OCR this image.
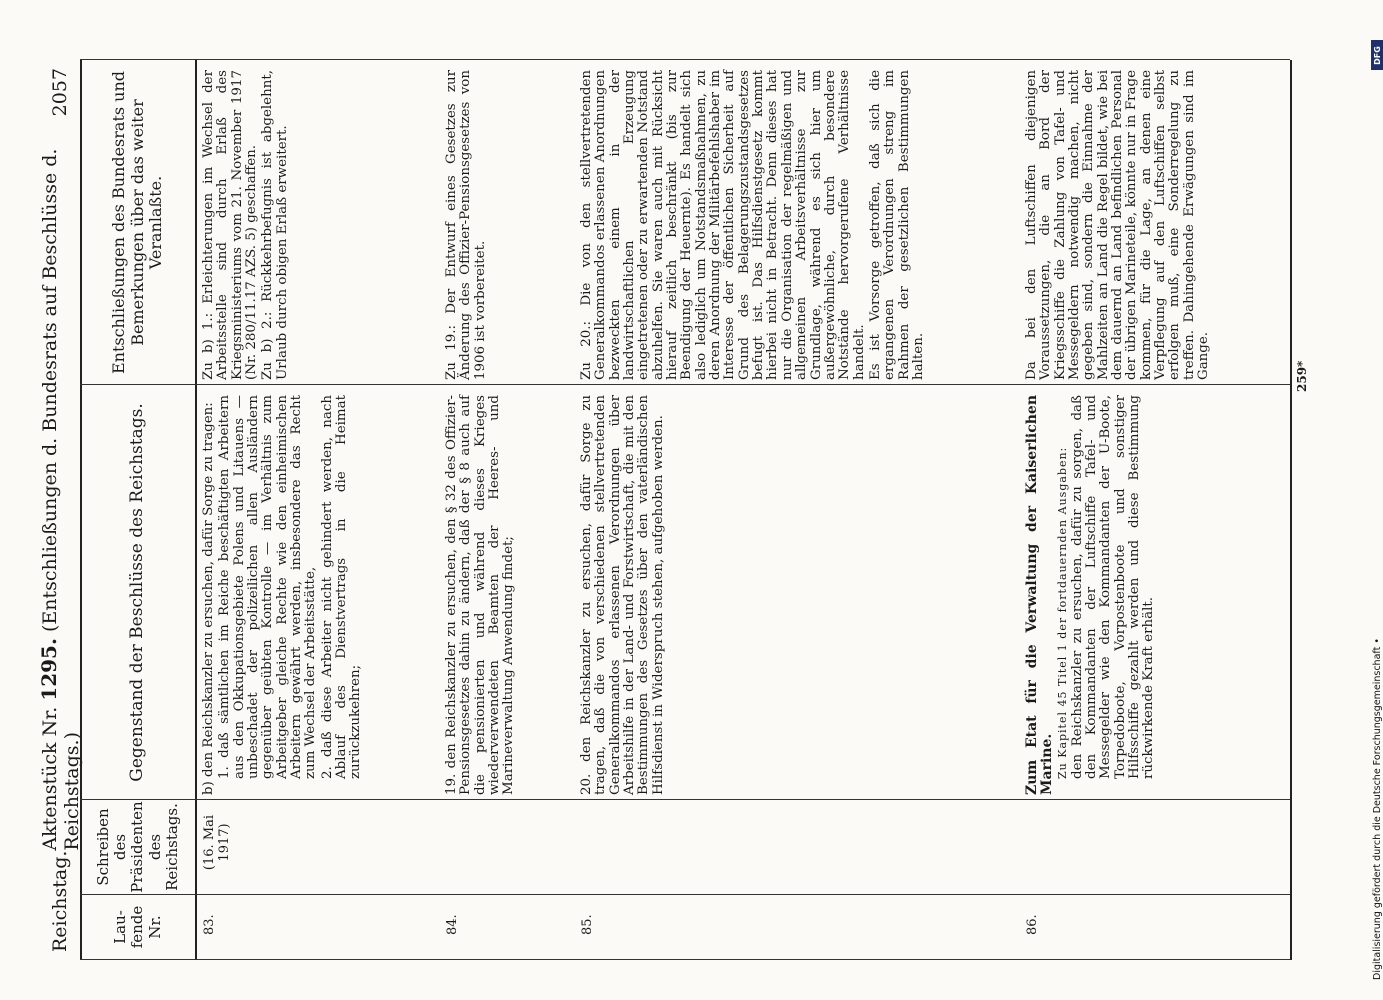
Reichstag.
Aktenstück Nr. 1295. (Entschließungen d. Bundesrats auf Beschlüsse d. Reichstags.)
2057
Lau-fende Nr.
Schreiben des Präsidenten des Reichstags.
Gegenstand der Beschlüsse des Reichstags.
Entschließungen des Bundesrats und Bemerkungen über das weiter Veranlaßte.
83.
(16. Mai 1917)

b) den Reichskanzler zu ersuchen, dafür Sorge zu tragen: 1. daß sämtlichen im Reiche beschäftigten Arbeitern aus den Okkupationsgebiete Polens und Litauens — unbeschadet der polizeilichen allen Ausländern gegenüber geübten Kontrolle — im Verhältnis zum Arbeitgeber gleiche Rechte wie den einheimischen Arbeitern gewährt werden, insbesondere das Recht zum Wechsel der Arbeitsstätte, 2. daß diese Arbeiter nicht gehindert werden, nach Ablauf des Dienstvertrags in die Heimat zurückzukehren;

Zu b) 1.: Erleichterungen im Wechsel der Arbeitsstelle sind durch Erlaß des Kriegsministeriums vom 21. November 1917 (Nr. 280/11.17 AZS. 5) geschaffen. Zu b) 2.: Rückkehrbefugnis ist abgelehnt, Urlaub durch obigen Erlaß erweitert.

84.
19. den Reichskanzler zu ersuchen, den § 32 des Offizier-Pensionsgesetzes dahin zu ändern, daß der § 8 auch auf die pensionierten und während dieses Krieges wiederverwendeten Beamten der Heeres- und Marineverwaltung Anwendung findet;
Zu 19.: Der Entwurf eines Gesetzes zur Änderung des Offizier-Pensionsgesetzes von 1906 ist vorbereitet.
85.
20. den Reichskanzler zu ersuchen, dafür Sorge zu tragen, daß die von verschiedenen stellvertretenden Generalkommandos erlassenen Verordnungen über Arbeitshilfe in der Land- und Forstwirtschaft, die mit den Bestimmungen des Gesetzes über den vaterländischen Hilfsdienst in Widerspruch stehen, aufgehoben werden.

Zu 20.: Die von den stellvertretenden Generalkommandos erlassenen Anordnungen bezweckten einem in der landwirtschaftlichen Erzeugung eingetretenen oder zu erwartenden Notstand abzuhelfen. Sie waren auch mit Rücksicht hierauf zeitlich beschränkt (bis zur Beendigung der Heuernte). Es handelt sich also lediglich um Notstandsmaßnahmen, zu deren Anordnung der Militärbefehlshaber im Interesse der öffentlichen Sicherheit auf Grund des Belagerungszustandsgesetzes befugt ist. Das Hilfsdienstgesetz kommt hierbei nicht in Betracht. Denn dieses hat nur die Organisation der regelmäßigen und allgemeinen Arbeitsverhältnisse zur Grundlage, während es sich hier um außergewöhnliche, durch besondere Notstände hervorgerufene Verhältnisse handelt. Es ist Vorsorge getroffen, daß sich die ergangenen Verordnungen streng im Rahmen der gesetzlichen Bestimmungen halten.

86.

Zum Etat für die Verwaltung der Kaiserlichen Marine. Zu Kapitel 45 Titel 1 der fortdauernden Ausgaben: den Reichskanzler zu ersuchen, dafür zu sorgen, daß den Kommandanten der Luftschiffe Tafel- und Messegelder wie den Kommandanten der U-Boote, Torpedoboote, Vorpostenboote und sonstiger Hilfsschiffe gezahlt werden und diese Bestimmung rückwirkende Kraft erhält.

Da bei den Luftschiffen diejenigen Voraussetzungen, die an Bord der Kriegsschiffe die Zahlung von Tafel- und Messegeldern notwendig machen, nicht gegeben sind, sondern die Einnahme der Mahlzeiten an Land die Regel bildet, wie bei dem dauernd an Land befindlichen Personal der übrigen Marineteile, könnte nur in Frage kommen, für die Lage, an denen eine Verpflegung auf den Luftschiffen selbst erfolgen muß, eine Sonderregelung zu treffen. Dahingehende Erwägungen sind im Gange.	259*
Digitalisierung gefördert durch die Deutsche Forschungsgemeinschaft •
DFG
